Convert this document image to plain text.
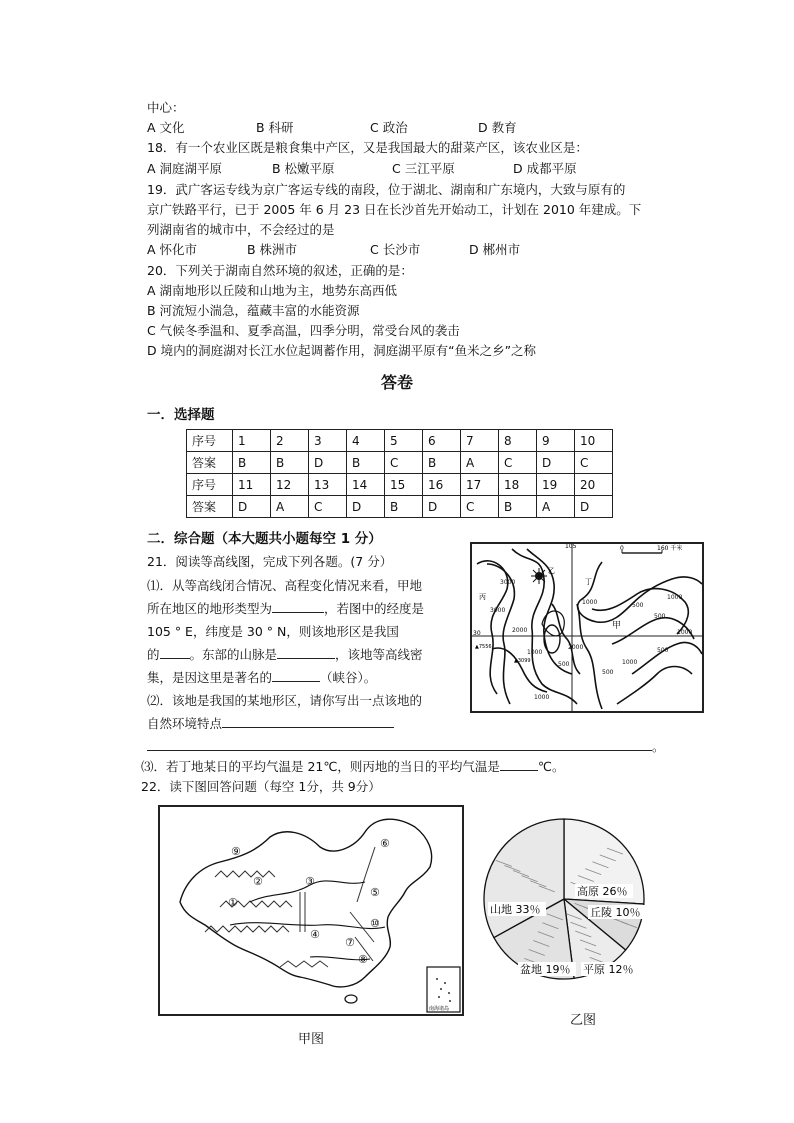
中心：
A 文化	B 科研	C 政治	D 教育
18．有一个农业区既是粮食集中产区，又是我国最大的甜菜产区，该农业区是：
A 洞庭湖平原	B 松嫩平原	C 三江平原	D 成都平原
19．武广客运专线为京广客运专线的南段，位于湖北、湖南和广东境内，大致与原有的
京广铁路平行，已于 2005 年 6 月 23 日在长沙首先开始动工，计划在 2010 年建成。下
列湖南省的城市中，不会经过的是
A 怀化市	B 株洲市	C 长沙市	D 郴州市
20．下列关于湖南自然环境的叙述，正确的是：
A 湖南地形以丘陵和山地为主，地势东高西低
B 河流短小湍急，蕴藏丰富的水能资源
C 气候冬季温和、夏季高温，四季分明，常受台风的袭击
D 境内的洞庭湖对长江水位起调蓄作用，洞庭湖平原有“鱼米之乡”之称
答卷
一．选择题
序号	1	2	3	4	5	6	7	8	9	10
答案	B	B	D	B	C	B	A	C	D	C
序号	11	12	13	14	15	16	17	18	19	20
答案	D	A	C	D	B	D	C	B	A	D
二．综合题（本大题共小题每空 1 分）
21．阅读等高线图，完成下列各题。(7 分）
⑴．从等高线闭合情况、高程变化情况来看，甲地
所在地区的地形类型为	，若图中的经度是
105 ° E，纬度是 30 ° N，则该地形区是我国
的 。东部的山脉是	，该地等高线密
集，是因这里是著名的	（峡谷）。
⑵．该地是我国的某地形区，请你写出一点该地的
自然环境特点
。
⑶．若丁地某日的平均气温是 21℃，则丙地的当日的平均气温是	℃。
0	160 千米
105
30
乙
甲
丙
丁
500
1000
1000
500
1000
500
1000
500
1000
2000
3000
3000
500
1000
2000
▲7556
▲3099
22．读下图回答问题（每空 1分，共 9分）
⑨
⑥
②	③
①
⑤
⑩
④
⑦
⑧
南海诸岛
甲图
高原 26％
丘陵 10％
平原 12％
盆地 19％
山地 33％
乙图
